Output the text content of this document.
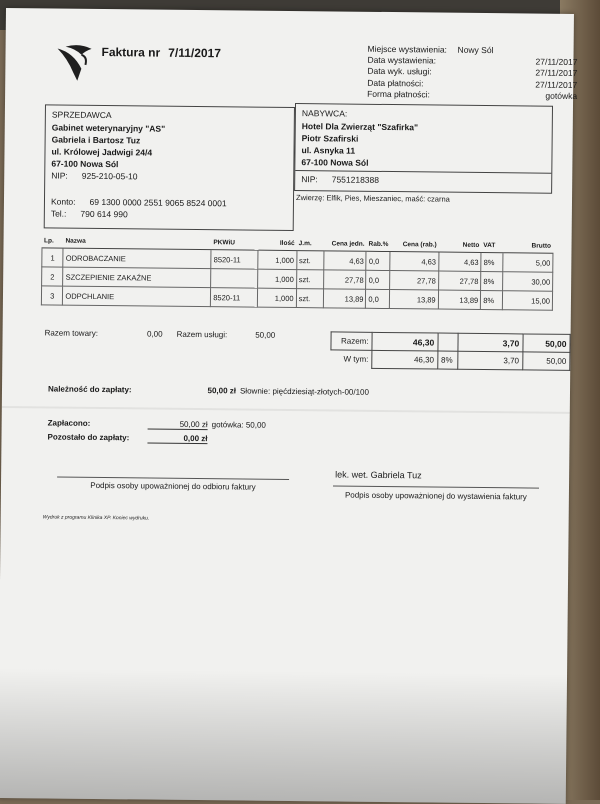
Faktura nr 7/11/2017	Miejsce wystawienia:	Nowy Sól
Data wystawienia:	27/11/2017
Data wyk. usługi:	27/11/2017
Data płatności:	27/11/2017
Forma płatności:	gotówka
SPRZEDAWCA
Gabinet weterynaryjny "AS"
Gabriela i Bartosz Tuz
ul. Królowej Jadwigi 24/4
67-100 Nowa Sól
NIP: 925-210-05-10
Konto: 69 1300 0000 2551 9065 8524 0001
Tel.: 790 614 990
NABYWCA:
Hotel Dla Zwierząt "Szafirka"
Piotr Szafirski
ul. Asnyka 11
67-100 Nowa Sól
NIP: 7551218388
Zwierzę: Elfik, Pies, Mieszaniec, maść: czarna
Lp.	Nazwa	PKWiU	Ilość	J.m.	Cena jedn.	Rab.%	Cena (rab.)	Netto	VAT	Brutto
1	ODROBACZANIE	8520-11	1,000	szt.	4,63	0,0	4,63	4,63	8%	5,00
2	SZCZEPIENIE ZAKAŹNE		1,000	szt.	27,78	0,0	27,78	27,78	8%	30,00
3	ODPCHLANIE	8520-11	1,000	szt.	13,89	0,0	13,89	13,89	8%	15,00
Razem towary:	0,00 Razem usługi:	50,00
Razem:	46,30		3,70	50,00
W tym:	46,30	8%	3,70	50,00
Należność do zapłaty:	50,00 zł Słownie:
pięćdziesiąt-złotych-00/100
Zapłacono:	50,00 zł gotówka: 50,00
Pozostało do zapłaty:	0,00 zł
Podpis osoby upoważnionej do odbioru faktury
lek. wet. Gabriela Tuz
Podpis osoby upoważnionej do wystawienia faktury
Wydruk z programu Klinika XP. Koniec wydruku.
